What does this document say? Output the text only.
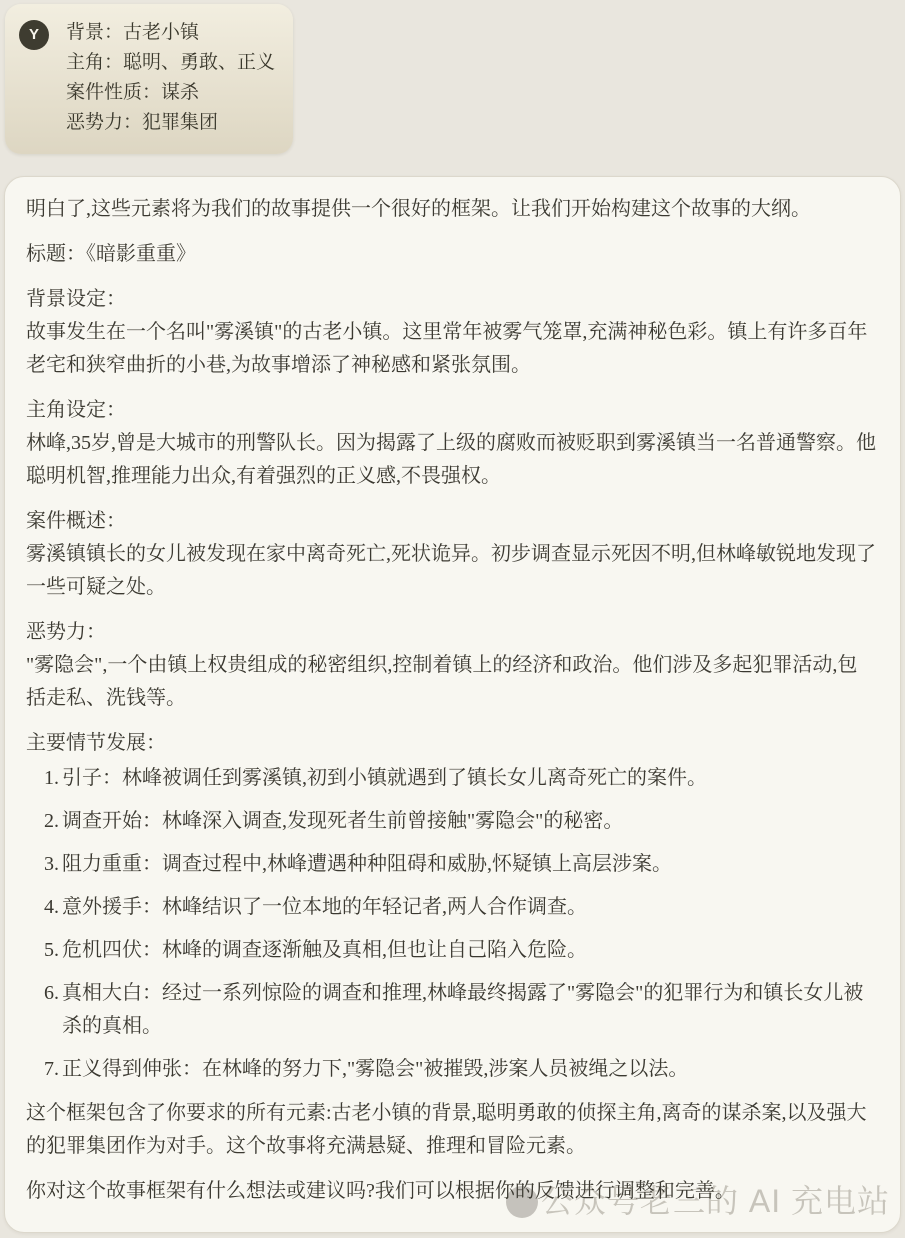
Y	背景：古老小镇
主角：聪明、勇敢、正义
案件性质：谋杀
恶势力：犯罪集团

明白了,这些元素将为我们的故事提供一个很好的框架。让我们开始构建这个故事的大纲。

标题：《暗影重重》

背景设定：
故事发生在一个名叫"雾溪镇"的古老小镇。这里常年被雾气笼罩,充满神秘色彩。镇上有许多百年老宅和狭窄曲折的小巷,为故事增添了神秘感和紧张氛围。
主角设定：
林峰,35岁,曾是大城市的刑警队长。因为揭露了上级的腐败而被贬职到雾溪镇当一名普通警察。他聪明机智,推理能力出众,有着强烈的正义感,不畏强权。
案件概述：
雾溪镇镇长的女儿被发现在家中离奇死亡,死状诡异。初步调查显示死因不明,但林峰敏锐地发现了一些可疑之处。
恶势力：
"雾隐会",一个由镇上权贵组成的秘密组织,控制着镇上的经济和政治。他们涉及多起犯罪活动,包括走私、洗钱等。

主要情节发展：

1. 引子：林峰被调任到雾溪镇,初到小镇就遇到了镇长女儿离奇死亡的案件。
2. 调查开始：林峰深入调查,发现死者生前曾接触"雾隐会"的秘密。
3. 阻力重重：调查过程中,林峰遭遇种种阻碍和威胁,怀疑镇上高层涉案。
4. 意外援手：林峰结识了一位本地的年轻记者,两人合作调查。
5. 危机四伏：林峰的调查逐渐触及真相,但也让自己陷入危险。
6. 真相大白：经过一系列惊险的调查和推理,林峰最终揭露了"雾隐会"的犯罪行为和镇长女儿被杀的真相。
7. 正义得到伸张：在林峰的努力下,"雾隐会"被摧毁,涉案人员被绳之以法。

这个框架包含了你要求的所有元素:古老小镇的背景,聪明勇敢的侦探主角,离奇的谋杀案,以及强大的犯罪集团作为对手。这个故事将充满悬疑、推理和冒险元素。

你对这个故事框架有什么想法或建议吗?我们可以根据你的反馈进行调整和完善。

公众号老三的 AI 充电站
